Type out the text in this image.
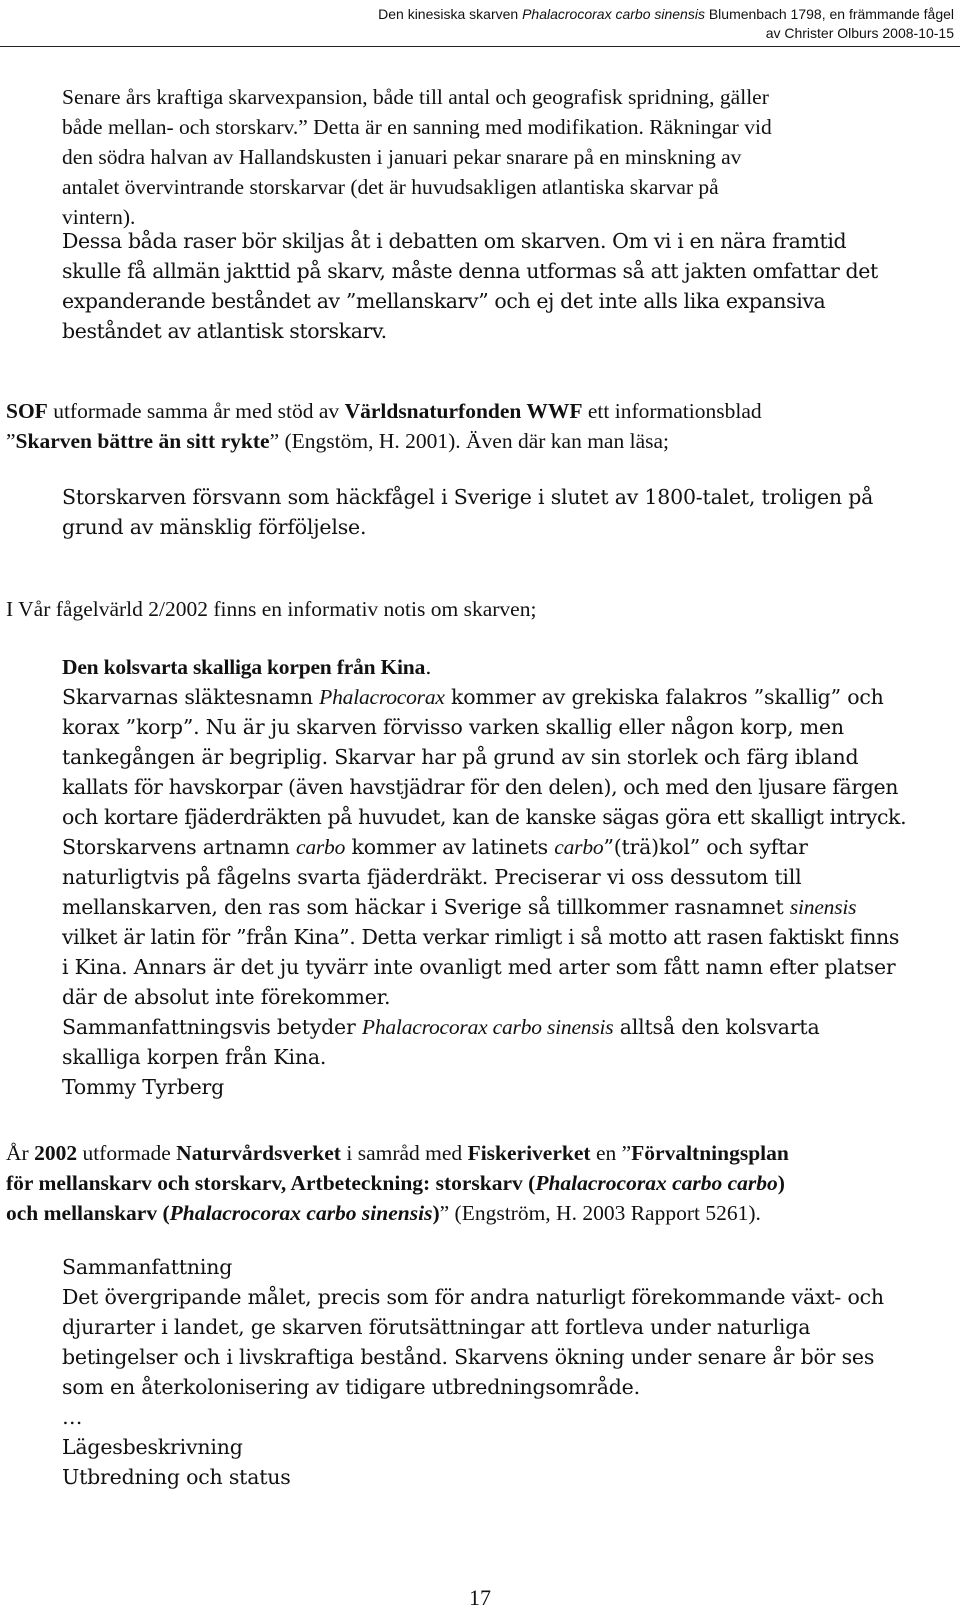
Den kinesiska skarven Phalacrocorax carbo sinensis Blumenbach 1798, en främmande fågel
av Christer Olburs 2008-10-15
Senare års kraftiga skarvexpansion, både till antal och geografisk spridning, gäller
både mellan- och storskarv.” Detta är en sanning med modifikation. Räkningar vid
den södra halvan av Hallandskusten i januari pekar snarare på en minskning av
antalet övervintrande storskarvar (det är huvudsakligen atlantiska skarvar på
vintern).
Dessa båda raser bör skiljas åt i debatten om skarven. Om vi i en nära framtid
skulle få allmän jakttid på skarv, måste denna utformas så att jakten omfattar det
expanderande beståndet av ”mellanskarv” och ej det inte alls lika expansiva
beståndet av atlantisk storskarv.
SOF utformade samma år med stöd av Världsnaturfonden WWF ett informationsblad
”Skarven bättre än sitt rykte” (Engstöm, H. 2001). Även där kan man läsa;
Storskarven försvann som häckfågel i Sverige i slutet av 1800-talet, troligen på
grund av mänsklig förföljelse.
I Vår fågelvärld 2/2002 finns en informativ notis om skarven;
Den kolsvarta skalliga korpen från Kina.
Skarvarnas släktesnamn Phalacrocorax kommer av grekiska falakros ”skallig” och
korax ”korp”. Nu är ju skarven förvisso varken skallig eller någon korp, men
tankegången är begriplig. Skarvar har på grund av sin storlek och färg ibland
kallats för havskorpar (även havstjädrar för den delen), och med den ljusare färgen
och kortare fjäderdräkten på huvudet, kan de kanske sägas göra ett skalligt intryck.
Storskarvens artnamn carbo kommer av latinets carbo”(trä)kol” och syftar
naturligtvis på fågelns svarta fjäderdräkt. Preciserar vi oss dessutom till
mellanskarven, den ras som häckar i Sverige så tillkommer rasnamnet sinensis
vilket är latin för ”från Kina”. Detta verkar rimligt i så motto att rasen faktiskt finns
i Kina. Annars är det ju tyvärr inte ovanligt med arter som fått namn efter platser
där de absolut inte förekommer.
Sammanfattningsvis betyder Phalacrocorax carbo sinensis alltså den kolsvarta
skalliga korpen från Kina.
Tommy Tyrberg
År 2002 utformade Naturvårdsverket i samråd med Fiskeriverket en ”Förvaltningsplan
för mellanskarv och storskarv, Artbeteckning: storskarv (Phalacrocorax carbo carbo)
och mellanskarv (Phalacrocorax carbo sinensis)” (Engström, H. 2003 Rapport 5261).
Sammanfattning
Det övergripande målet, precis som för andra naturligt förekommande växt- och
djurarter i landet, ge skarven förutsättningar att fortleva under naturliga
betingelser och i livskraftiga bestånd. Skarvens ökning under senare år bör ses
som en återkolonisering av tidigare utbredningsområde.
…
Lägesbeskrivning
Utbredning och status
17
